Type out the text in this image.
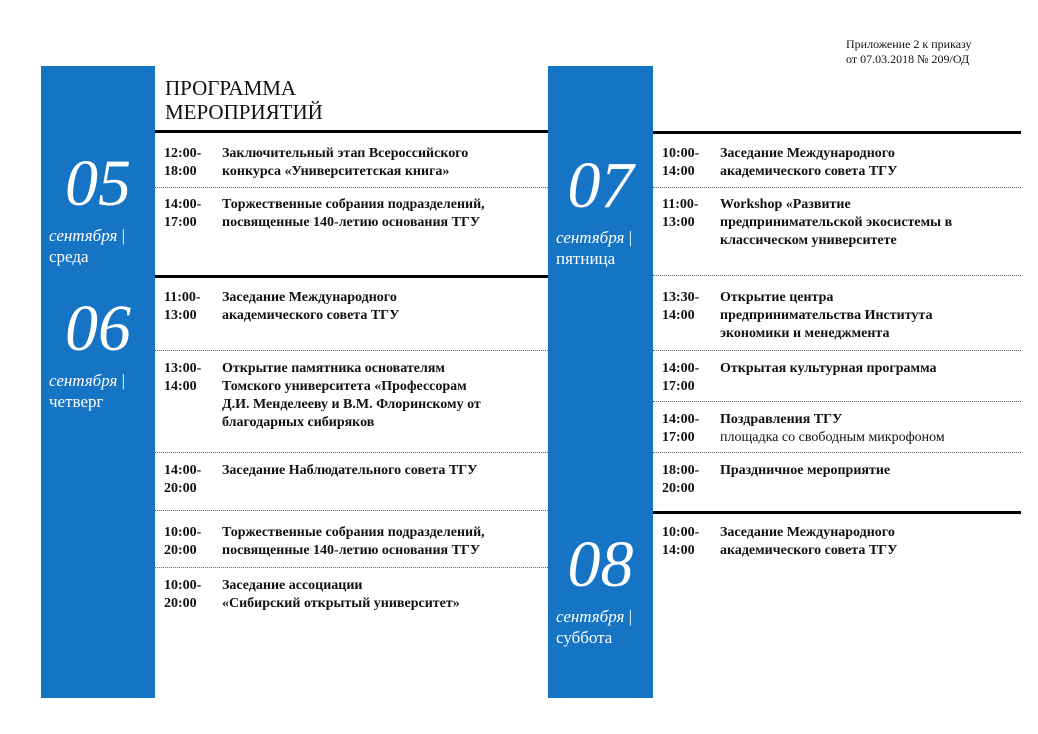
Приложение 2 к приказу
от 07.03.2018 № 209/ОД
ПРОГРАММА
МЕРОПРИЯТИЙ
05
сентября |
среда
06
сентября |
четверг
07
сентября |
пятница
08
сентября |
суббота
12:00-
18:00
Заключительный этап Всероссийского
конкурса «Университетская книга»
14:00-
17:00
Торжественные собрания подразделений,
посвященные 140-летию основания ТГУ
11:00-
13:00
Заседание Международного
академического совета ТГУ
13:00-
14:00
Открытие памятника основателям
Томского университета «Профессорам
Д.И. Менделееву и В.М. Флоринскому от
благодарных сибиряков
14:00-
20:00
Заседание Наблюдательного совета ТГУ
10:00-
20:00
Торжественные собрания подразделений,
посвященные 140-летию основания ТГУ
10:00-
20:00
Заседание ассоциации
«Сибирский открытый университет»
10:00-
14:00
Заседание Международного
академического совета ТГУ
11:00-
13:00
Workshop «Развитие
предпринимательской экосистемы в
классическом университете
13:30-
14:00
Открытие центра
предпринимательства Института
экономики и менеджмента
14:00-
17:00
Открытая культурная программа
14:00-
17:00
Поздравления ТГУ
площадка со свободным микрофоном
18:00-
20:00
Праздничное мероприятие
10:00-
14:00
Заседание Международного
академического совета ТГУ
